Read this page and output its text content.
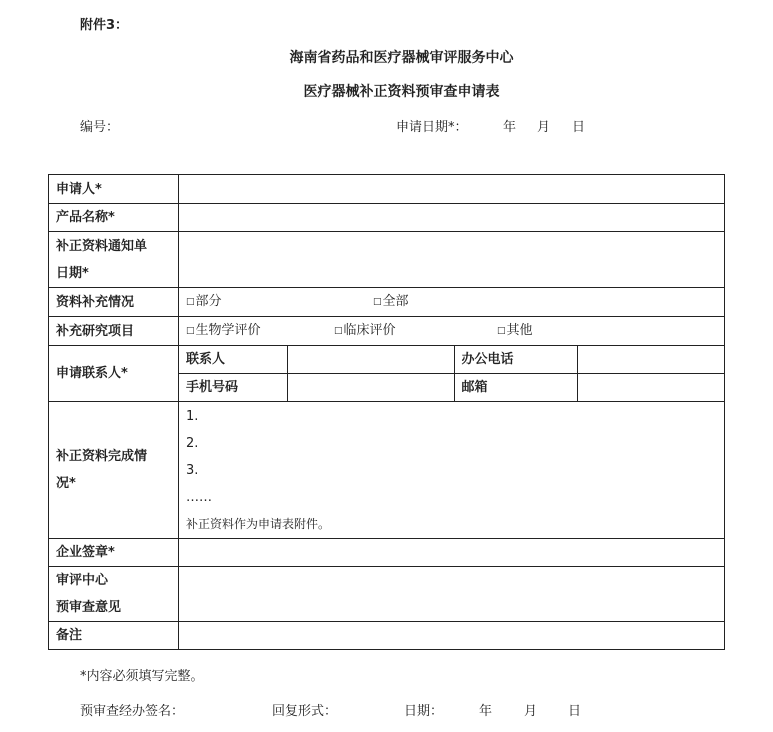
附件3：
海南省药品和医疗器械审评服务中心
医疗器械补正资料预审查申请表
编号：	申请日期*：	年 月 日
申请人*	
产品名称*	

补正资料通知单
日期*

资料补充情况	□部分	□全部
补充研究项目	□生物学评价	□临床评价	□其他
申请联系人*	
联系人		办公电话	
手机号码		邮箱	

补正资料完成情
况*

1.
2.
3.
……
补正资料作为申请表附件。

企业签章*	

审评中心
预审查意见

备注	
*内容必须填写完整。
预审查经办签名：	回复形式：	日期：	年 月 日
